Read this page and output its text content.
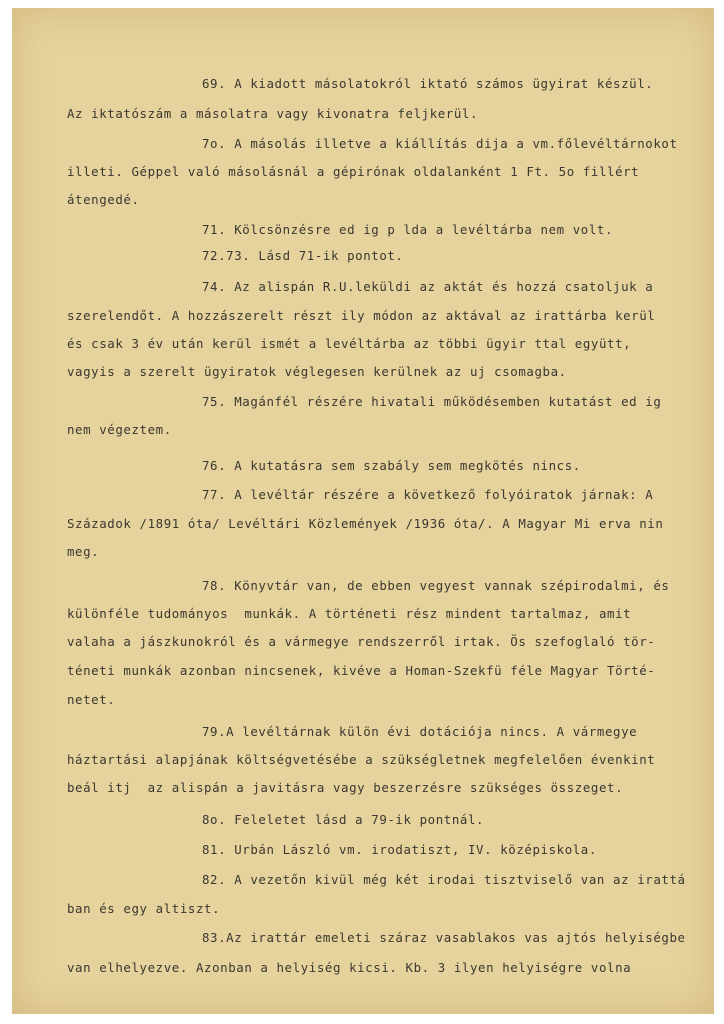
69. A kiadott másolatokról iktató számos ügyirat készül.
Az iktatószám a másolatra vagy kivonatra feljkerül.
7o. A másolás illetve a kiállítás dija a vm.főlevéltárnokot
illeti. Géppel való másolásnál a gépirónak oldalanként 1 Ft. 5o fillért
átengedé.
71. Kölcsönzésre ed ig p lda a levéltárba nem volt.
72.73. Lásd 71-ik pontot.
74. Az alispán R.U.leküldi az aktát és hozzá csatoljuk a
szerelendőt. A hozzászerelt részt ily módon az aktával az irattárba kerül
és csak 3 év után kerül ismét a levéltárba az többi ügyir ttal együtt,
vagyis a szerelt ügyiratok véglegesen kerülnek az uj csomagba.
75. Magánfél részére hivatali működésemben kutatást ed ig
nem végeztem.
76. A kutatásra sem szabály sem megkötés nincs.
77. A levéltár részére a következő folyóiratok járnak: A
Századok /1891 óta/ Levéltári Közlemények /1936 óta/. A Magyar Mi erva nin
meg.
78. Könyvtár van, de ebben vegyest vannak szépirodalmi, és
különféle tudományos  munkák. A történeti rész mindent tartalmaz, amit
valaha a jászkunokról és a vármegye rendszerről irtak. Ös szefoglaló tör-
téneti munkák azonban nincsenek, kivéve a Homan-Szekfü féle Magyar Törté-
netet.
79.A levéltárnak külön évi dotációja nincs. A vármegye
háztartási alapjának költségvetésébe a szükségletnek megfelelően évenkint
beál itj  az alispán a javitásra vagy beszerzésre szükséges összeget.
8o. Feleletet lásd a 79-ik pontnál.
81. Urbán László vm. irodatiszt, IV. középiskola.
82. A vezetőn kivül még két irodai tisztviselő van az irattá
ban és egy altiszt.
83.Az irattár emeleti száraz vasablakos vas ajtós helyiségbe
van elhelyezve. Azonban a helyiség kicsi. Kb. 3 ilyen helyiségre volna
